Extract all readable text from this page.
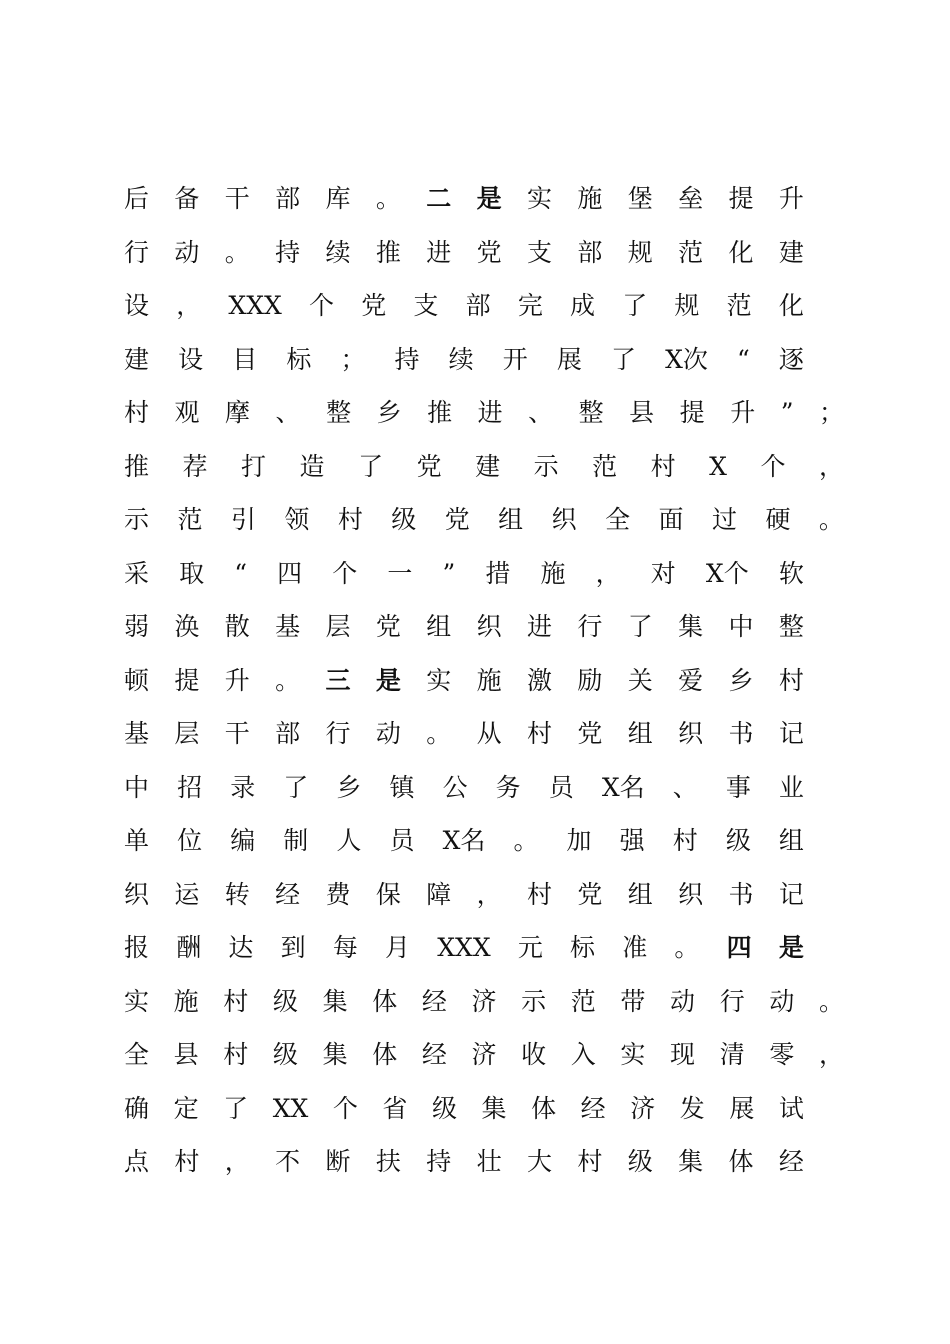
后 备 干 部 库 。 二 是 实 施 堡 垒 提 升
行 动 。 持 续 推 进 党 支 部 规 范 化 建
设 ， XXX 个 党 支 部 完 成 了 规 范 化
建 设 目 标 ； 持 续 开 展 了 X次 “ 逐
村 观 摩 、 整 乡 推 进 、 整 县 提 升 ” ；
推 荐 打 造 了 党 建 示 范 村 X 个 ，
示 范 引 领 村 级 党 组 织 全 面 过 硬 。
采 取 “ 四 个 一 ” 措 施 ， 对 X个 软
弱 涣 散 基 层 党 组 织 进 行 了 集 中 整
顿 提 升 。 三 是 实 施 激 励 关 爱 乡 村
基 层 干 部 行 动 。 从 村 党 组 织 书 记
中 招 录 了 乡 镇 公 务 员 X名 、 事 业
单 位 编 制 人 员 X名 。 加 强 村 级 组
织 运 转 经 费 保 障 ， 村 党 组 织 书 记
报 酬 达 到 每 月 XXX 元 标 准 。 四 是
实 施 村 级 集 体 经 济 示 范 带 动 行 动 。
全 县 村 级 集 体 经 济 收 入 实 现 清 零 ，
确 定 了 XX 个 省 级 集 体 经 济 发 展 试
点 村 ， 不 断 扶 持 壮 大 村 级 集 体 经
